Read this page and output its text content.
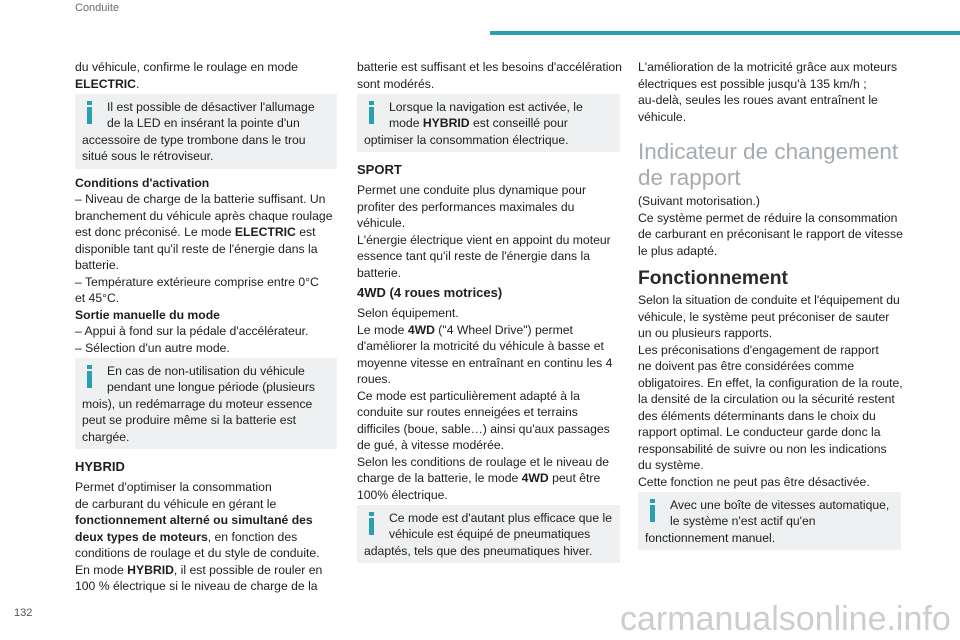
Conduite
du véhicule, confirme le roulage en mode
ELECTRIC.
Il est possible de désactiver l'allumage
de la LED en insérant la pointe d'un
accessoire de type trombone dans le trou
situé sous le rétroviseur.
Conditions d'activation
– Niveau de charge de la batterie suffisant. Un
branchement du véhicule après chaque roulage
est donc préconisé. Le mode ELECTRIC est
disponible tant qu'il reste de l'énergie dans la
batterie.
– Température extérieure comprise entre 0°C
et 45°C.
Sortie manuelle du mode
– Appui à fond sur la pédale d'accélérateur.
– Sélection d'un autre mode.
En cas de non-utilisation du véhicule
pendant une longue période (plusieurs
mois), un redémarrage du moteur essence
peut se produire même si la batterie est
chargée.
HYBRID
Permet d'optimiser la consommation
de carburant du véhicule en gérant le
fonctionnement alterné ou simultané des
deux types de moteurs, en fonction des
conditions de roulage et du style de conduite.
En mode HYBRID, il est possible de rouler en
100 % électrique si le niveau de charge de la
batterie est suffisant et les besoins d'accélération
sont modérés.
Lorsque la navigation est activée, le
mode HYBRID est conseillé pour
optimiser la consommation électrique.
SPORT
Permet une conduite plus dynamique pour
profiter des performances maximales du
véhicule.
L'énergie électrique vient en appoint du moteur
essence tant qu'il reste de l'énergie dans la
batterie.
4WD (4 roues motrices)
Selon équipement.
Le mode 4WD ("4 Wheel Drive") permet
d'améliorer la motricité du véhicule à basse et
moyenne vitesse en entraînant en continu les 4
roues.
Ce mode est particulièrement adapté à la
conduite sur routes enneigées et terrains
difficiles (boue, sable…) ainsi qu'aux passages
de gué, à vitesse modérée.
Selon les conditions de roulage et le niveau de
charge de la batterie, le mode 4WD peut être
100% électrique.
Ce mode est d'autant plus efficace que le
véhicule est équipé de pneumatiques
adaptés, tels que des pneumatiques hiver.
L'amélioration de la motricité grâce aux moteurs
électriques est possible jusqu'à 135 km/h ;
au-delà, seules les roues avant entraînent le
véhicule.
Indicateur de changement
de rapport
(Suivant motorisation.)
Ce système permet de réduire la consommation
de carburant en préconisant le rapport de vitesse
le plus adapté.
Fonctionnement
Selon la situation de conduite et l'équipement du
véhicule, le système peut préconiser de sauter
un ou plusieurs rapports.
Les préconisations d'engagement de rapport
ne doivent pas être considérées comme
obligatoires. En effet, la configuration de la route,
la densité de la circulation ou la sécurité restent
des éléments déterminants dans le choix du
rapport optimal. Le conducteur garde donc la
responsabilité de suivre ou non les indications
du système.
Cette fonction ne peut pas être désactivée.
Avec une boîte de vitesses automatique,
le système n'est actif qu'en
fonctionnement manuel.
132	carmanualsonline.info
